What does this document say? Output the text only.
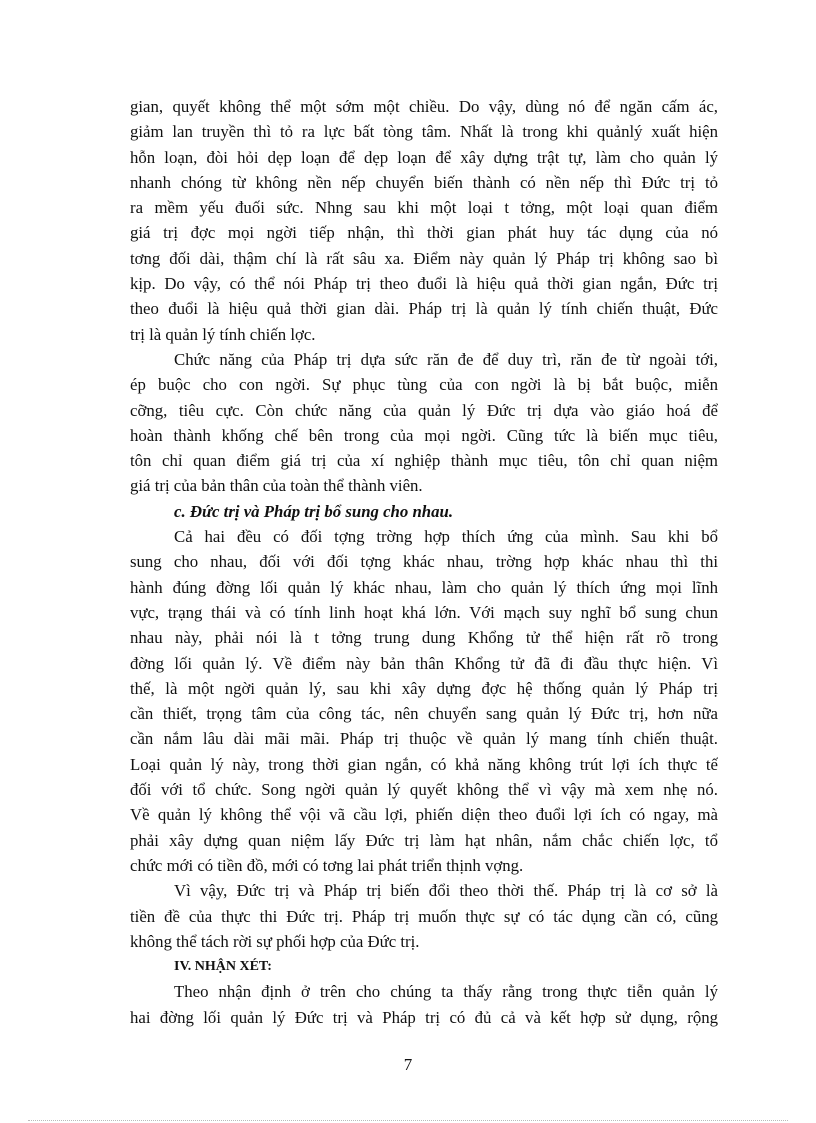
gian, quyết không thể một sớm một chiều. Do vậy, dùng nó để ngăn cấm ác,
giảm lan truyền thì tỏ ra lực bất tòng tâm. Nhất là trong khi quảnlý xuất hiện
hỗn loạn, đòi hỏi dẹp loạn để dẹp loạn để xây dựng trật tự, làm cho quản lý
nhanh chóng từ không nền nếp chuyển biến thành có nền nếp thì Đức trị tỏ
ra mềm yếu đuối sức. Nhng sau khi một loại t tởng, một loại quan điểm
giá trị đợc mọi ngời tiếp nhận, thì thời gian phát huy tác dụng của nó
tơng đối dài, thậm chí là rất sâu xa. Điểm này quản lý Pháp trị không sao bì
kịp. Do vậy, có thể nói Pháp trị theo đuổi là hiệu quả thời gian ngắn, Đức trị
theo đuổi là hiệu quả thời gian dài. Pháp trị là quản lý tính chiến thuật, Đức
trị là quản lý tính chiến lợc.
Chức năng của Pháp trị dựa sức răn đe để duy trì, răn đe từ ngoài tới,
ép buộc cho con ngời. Sự phục tùng của con ngời là bị bắt buộc, miễn
cỡng, tiêu cực. Còn chức năng của quản lý Đức trị dựa vào giáo hoá để
hoàn thành khống chế bên trong của mọi ngời. Cũng tức là biến mục tiêu,
tôn chỉ quan điểm giá trị của xí nghiệp thành mục tiêu, tôn chỉ quan niệm
giá trị của bản thân của toàn thể thành viên.
c. Đức trị và Pháp trị bổ sung cho nhau.
Cả hai đều có đối tợng trờng hợp thích ứng của mình. Sau khi bổ
sung cho nhau, đối với đối tợng khác nhau, trờng hợp khác nhau thì thi
hành đúng đờng lối quản lý khác nhau, làm cho quản lý thích ứng mọi lĩnh
vực, trạng thái và có tính linh hoạt khá lớn. Với mạch suy nghĩ bổ sung chun
nhau này, phải nói là t tởng trung dung Khổng tử thể hiện rất rõ trong
đờng lối quản lý. Về điểm này bản thân Khổng tử đã đi đầu thực hiện. Vì
thế, là một ngời quản lý, sau khi xây dựng đợc hệ thống quản lý Pháp trị
cần thiết, trọng tâm của công tác, nên chuyển sang quản lý Đức trị, hơn nữa
cần nắm lâu dài mãi mãi. Pháp trị thuộc về quản lý mang tính chiến thuật.
Loại quản lý này, trong thời gian ngắn, có khả năng không trút lợi ích thực tế
đối với tổ chức. Song ngời quản lý quyết không thể vì vậy mà xem nhẹ nó.
Về quản lý không thể vội vã cầu lợi, phiến diện theo đuổi lợi ích có ngay, mà
phải xây dựng quan niệm lấy Đức trị làm hạt nhân, nắm chắc chiến lợc, tổ
chức mới có tiền đồ, mới có tơng lai phát triển thịnh vợng.
Vì vậy, Đức trị và Pháp trị biến đổi theo thời thế. Pháp trị là cơ sở là
tiền đề của thực thi Đức trị. Pháp trị muốn thực sự có tác dụng cần có, cũng
không thể tách rời sự phối hợp của Đức trị.
IV. NHẬN XÉT:
Theo nhận định ở trên cho chúng ta thấy rằng trong thực tiễn quản lý
hai đờng lối quản lý Đức trị và Pháp trị có đủ cả và kết hợp sử dụng, rộng
7
